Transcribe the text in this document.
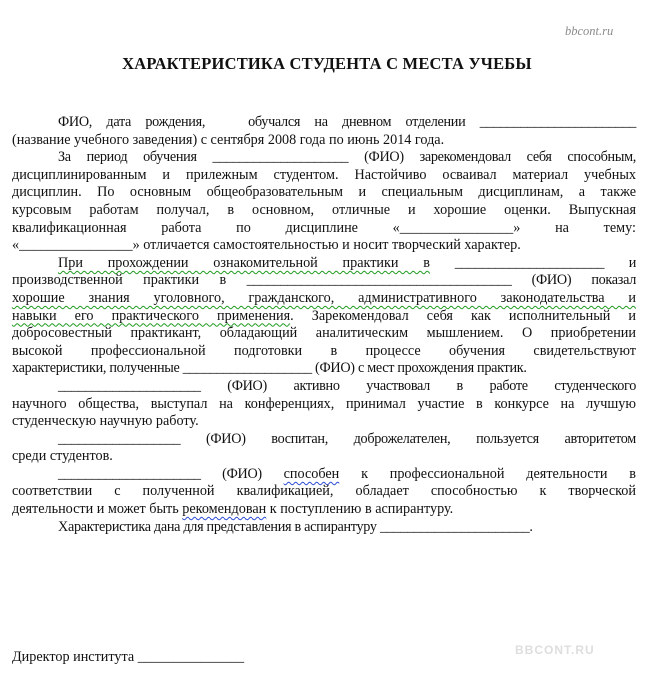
bbcont.ru
ХАРАКТЕРИСТИКА СТУДЕНТА С МЕСТА УЧЕБЫ

ФИО, дата рождения,   обучался на дневном отделении _______________________

(название учебного заведения) с сентября 2008 года по июнь 2014 года.

За период обучения ____________________ (ФИО) зарекомендовал себя способным,

дисциплинированным и прилежным студентом. Настойчиво осваивал материал учебных

дисциплин. По основным общеобразовательным и специальным дисциплинам, а также

курсовым работам получал, в основном, отличные и хорошие оценки. Выпускная

квалификационная работа по дисциплине «________________» на тему:

«________________» отличается самостоятельностью и носит творческий характер.

При прохождении ознакомительной практики в ______________________ и

производственной практики в _______________________________________ (ФИО) показал

хорошие знания уголовного, гражданского, административного законодательства и

навыки его практического применения. Зарекомендовал себя как исполнительный и

добросовестный практикант, обладающий аналитическим мышлением. О приобретении

высокой профессиональной подготовки в процессе обучения свидетельствуют

характеристики, полученные ___________________ (ФИО) с мест прохождения практик.

_____________________ (ФИО) активно участвовал в работе студенческого

научного общества, выступал на конференциях, принимал участие в конкурсе на лучшую

студенческую научную работу.

__________________ (ФИО) воспитан, доброжелателен, пользуется авторитетом

среди студентов.

_____________________ (ФИО) способен к профессиональной деятельности в

соответствии с полученной квалификацией, обладает способностью к творческой

деятельности и может быть рекомендован к поступлению в аспирантуру.

Характеристика дана для представления в аспирантуру ______________________.

Директор института _______________	BBCONT.RU
